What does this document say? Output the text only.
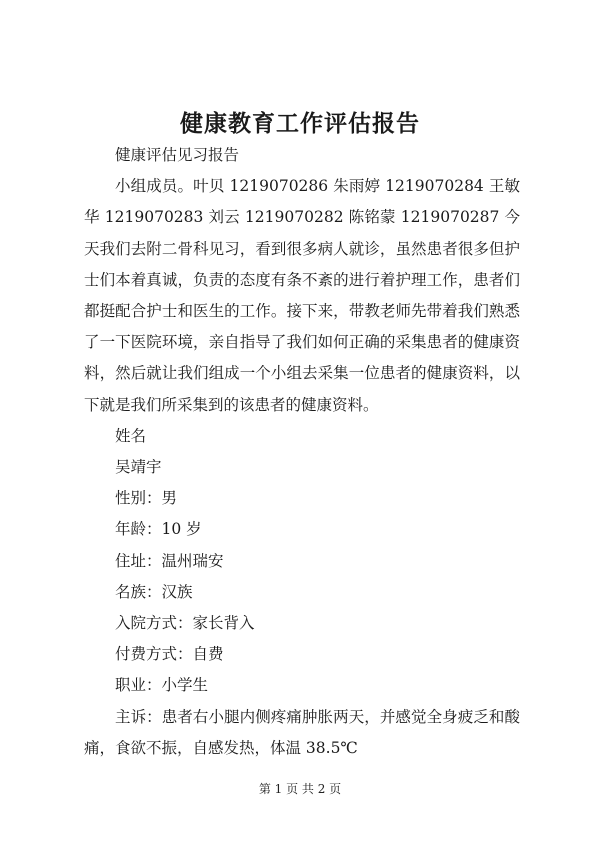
健康教育工作评估报告

健康评估见习报告

小组成员。叶贝 1219070286 朱雨婷 1219070284 王敏华 1219070283 刘云 1219070282 陈铭蒙 1219070287 今天我们去附二骨科见习，看到很多病人就诊，虽然患者很多但护士们本着真诚，负责的态度有条不紊的进行着护理工作，患者们都挺配合护士和医生的工作。接下来，带教老师先带着我们熟悉了一下医院环境，亲自指导了我们如何正确的采集患者的健康资料，然后就让我们组成一个小组去采集一位患者的健康资料，以下就是我们所采集到的该患者的健康资料。

姓名

吴靖宇

性别：男

年龄：10 岁

住址：温州瑞安

名族：汉族

入院方式：家长背入

付费方式：自费

职业：小学生

主诉：患者右小腿内侧疼痛肿胀两天，并感觉全身疲乏和酸痛，食欲不振，自感发热，体温 38.5℃

第 1 页 共 2 页
